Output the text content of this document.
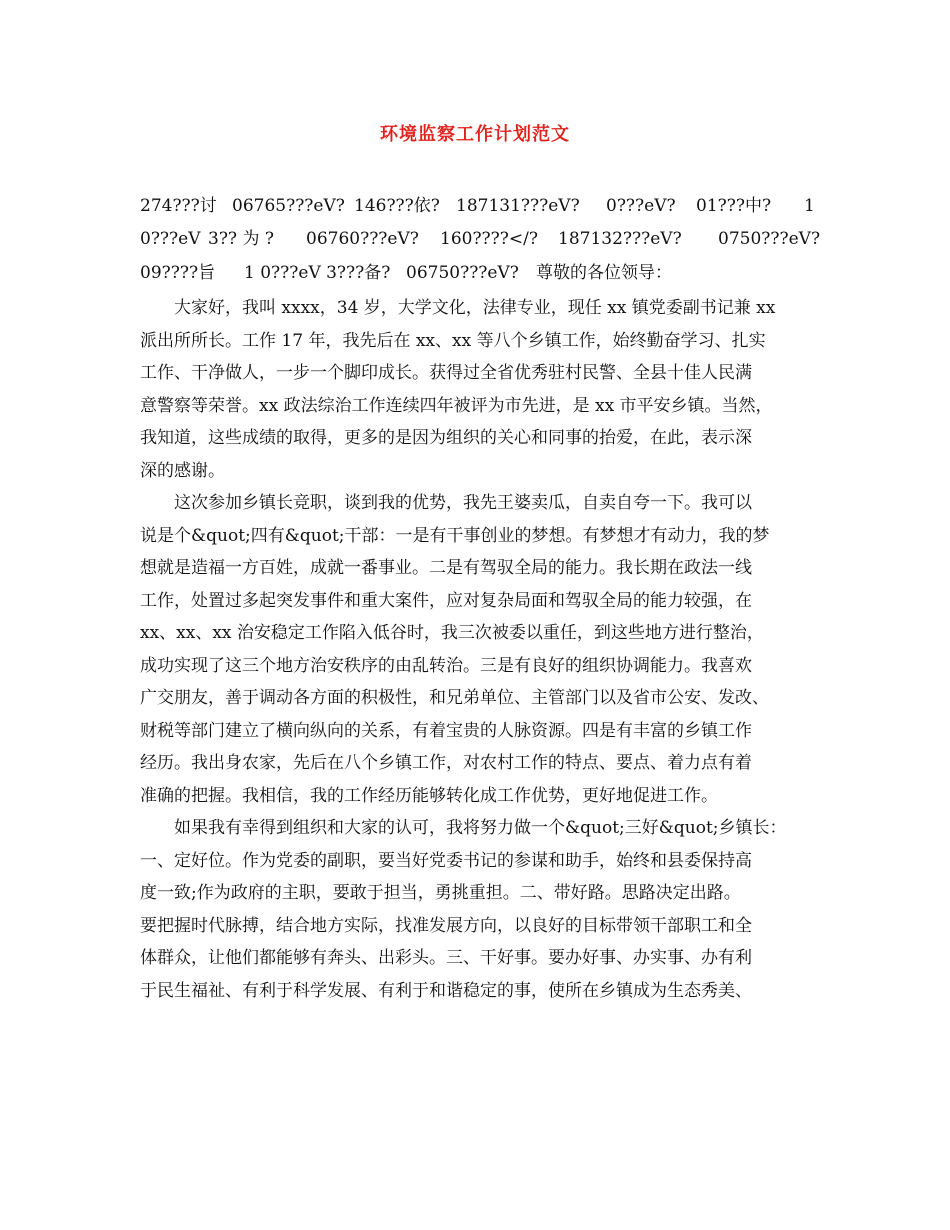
环境监察工作计划范文
274???讨 06765???eV? 146???依? 187131???eV? 0???eV? 01???中? 1
0???eV 3?? 为 ? 06760???eV? 160????</? 187132???eV? 0750???eV?
09????旨 1 0???eV 3???备? 06750???eV? 尊敬的各位领导：
　　大家好，我叫 xxxx，34 岁，大学文化，法律专业，现任 xx 镇党委副书记兼 xx
派出所所长。工作 17 年，我先后在 xx、xx 等八个乡镇工作，始终勤奋学习、扎实
工作、干净做人，一步一个脚印成长。获得过全省优秀驻村民警、全县十佳人民满
意警察等荣誉。xx 政法综治工作连续四年被评为市先进，是 xx 市平安乡镇。当然，
我知道，这些成绩的取得，更多的是因为组织的关心和同事的抬爱，在此，表示深
深的感谢。
　　这次参加乡镇长竞职，谈到我的优势，我先王婆卖瓜，自卖自夸一下。我可以
说是个&quot;四有&quot;干部：一是有干事创业的梦想。有梦想才有动力，我的梦
想就是造福一方百姓，成就一番事业。二是有驾驭全局的能力。我长期在政法一线
工作，处置过多起突发事件和重大案件，应对复杂局面和驾驭全局的能力较强，在
xx、xx、xx 治安稳定工作陷入低谷时，我三次被委以重任，到这些地方进行整治，
成功实现了这三个地方治安秩序的由乱转治。三是有良好的组织协调能力。我喜欢
广交朋友，善于调动各方面的积极性，和兄弟单位、主管部门以及省市公安、发改、
财税等部门建立了横向纵向的关系，有着宝贵的人脉资源。四是有丰富的乡镇工作
经历。我出身农家，先后在八个乡镇工作，对农村工作的特点、要点、着力点有着
准确的把握。我相信，我的工作经历能够转化成工作优势，更好地促进工作。
　　如果我有幸得到组织和大家的认可，我将努力做一个&quot;三好&quot;乡镇长：
一、定好位。作为党委的副职，要当好党委书记的参谋和助手，始终和县委保持高
度一致;作为政府的主职，要敢于担当，勇挑重担。二、带好路。思路决定出路。
要把握时代脉搏，结合地方实际，找准发展方向，以良好的目标带领干部职工和全
体群众，让他们都能够有奔头、出彩头。三、干好事。要办好事、办实事、办有利
于民生福祉、有利于科学发展、有利于和谐稳定的事，使所在乡镇成为生态秀美、
